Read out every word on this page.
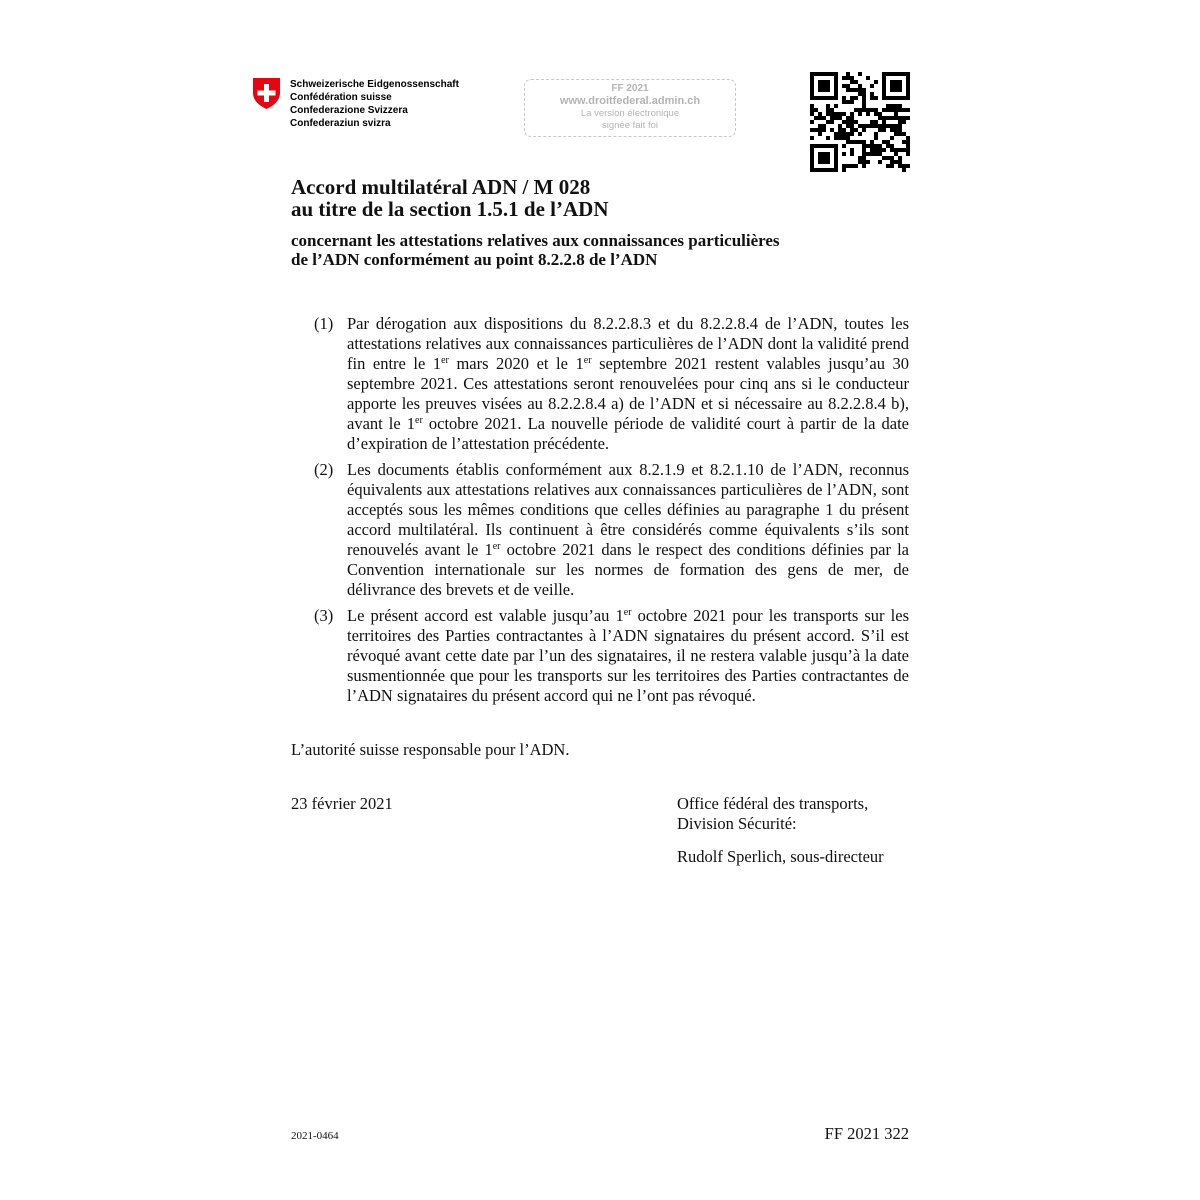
Schweizerische Eidgenossenschaft
Confédération suisse
Confederazione Svizzera
Confederaziun svizra
FF 2021
www.droitfederal.admin.ch
La version électronique
signée fait foi
Accord multilatéral ADN / M 028
au titre de la section 1.5.1 de l’ADN
concernant les attestations relatives aux connaissances particulières
de l’ADN conformément au point 8.2.2.8 de l’ADN
(1) Par dérogation aux dispositions du 8.2.2.8.3 et du 8.2.2.8.4 de l’ADN, toutes les attestations relatives aux connaissances particulières de l’ADN dont la validité prend fin entre le 1er mars 2020 et le 1er septembre 2021 restent valables jusqu’au 30 septembre 2021. Ces attestations seront renouvelées pour cinq ans si le conducteur apporte les preuves visées au 8.2.2.8.4 a) de l’ADN et si nécessaire au 8.2.2.8.4 b), avant le 1er octobre 2021. La nouvelle période de validité court à partir de la date d’expiration de l’attestation précédente.
(2) Les documents établis conformément aux 8.2.1.9 et 8.2.1.10 de l’ADN, reconnus équivalents aux attestations relatives aux connaissances particulières de l’ADN, sont acceptés sous les mêmes conditions que celles définies au paragraphe 1 du présent accord multilatéral. Ils continuent à être considérés comme équivalents s’ils sont renouvelés avant le 1er octobre 2021 dans le respect des conditions définies par la Convention internationale sur les normes de formation des gens de mer, de délivrance des brevets et de veille.
(3) Le présent accord est valable jusqu’au 1er octobre 2021 pour les transports sur les territoires des Parties contractantes à l’ADN signataires du présent accord. S’il est révoqué avant cette date par l’un des signataires, il ne restera valable jusqu’à la date susmentionnée que pour les transports sur les territoires des Parties contractantes de l’ADN signataires du présent accord qui ne l’ont pas révoqué.
L’autorité suisse responsable pour l’ADN.
23 février 2021	Office fédéral des transports,
Division Sécurité:
Rudolf Sperlich, sous-directeur
2021-0464	FF 2021 322
